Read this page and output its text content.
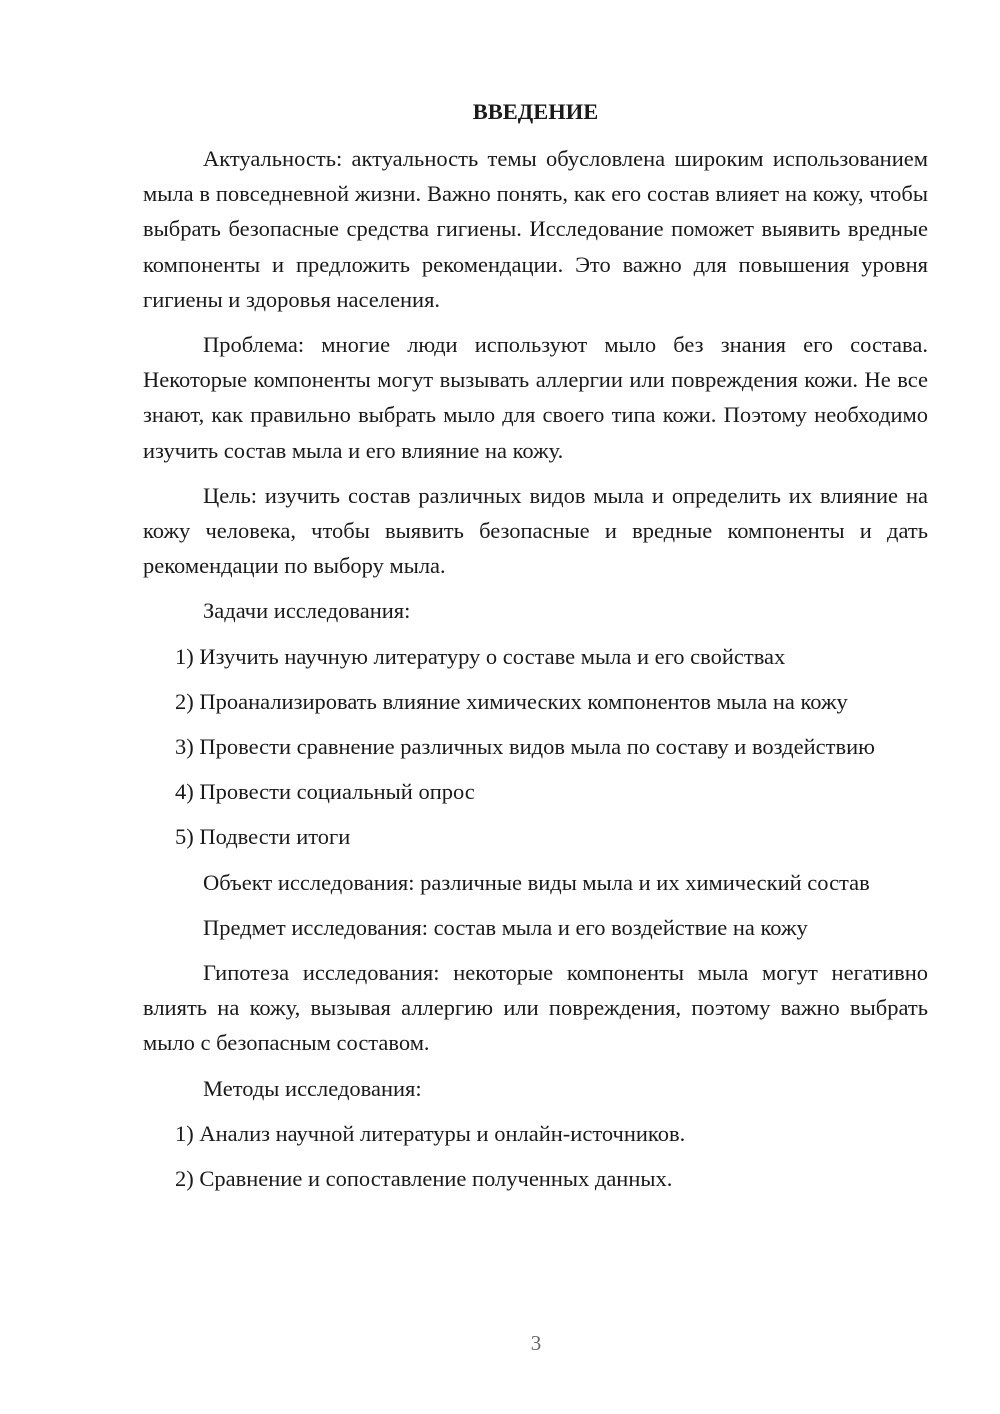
ВВЕДЕНИЕ

Актуальность: актуальность темы обусловлена широким использованием мыла в повседневной жизни. Важно понять, как его состав влияет на кожу, чтобы выбрать безопасные средства гигиены. Исследование поможет выявить вредные компоненты и предложить рекомендации. Это важно для повышения уровня гигиены и здоровья населения.

Проблема: многие люди используют мыло без знания его состава. Некоторые компоненты могут вызывать аллергии или повреждения кожи. Не все знают, как правильно выбрать мыло для своего типа кожи. Поэтому необходимо изучить состав мыла и его влияние на кожу.

Цель: изучить состав различных видов мыла и определить их влияние на кожу человека, чтобы выявить безопасные и вредные компоненты и дать рекомендации по выбору мыла.

Задачи исследования:

1) Изучить научную литературу о составе мыла и его свойствах

2) Проанализировать влияние химических компонентов мыла на кожу

3) Провести сравнение различных видов мыла по составу и воздействию

4) Провести социальный опрос

5) Подвести итоги

Объект исследования: различные виды мыла и их химический состав

Предмет исследования: состав мыла и его воздействие на кожу

Гипотеза исследования: некоторые компоненты мыла могут негативно влиять на кожу, вызывая аллергию или повреждения, поэтому важно выбрать мыло с безопасным составом.

Методы исследования:

1) Анализ научной литературы и онлайн-источников.

2) Сравнение и сопоставление полученных данных.

3
